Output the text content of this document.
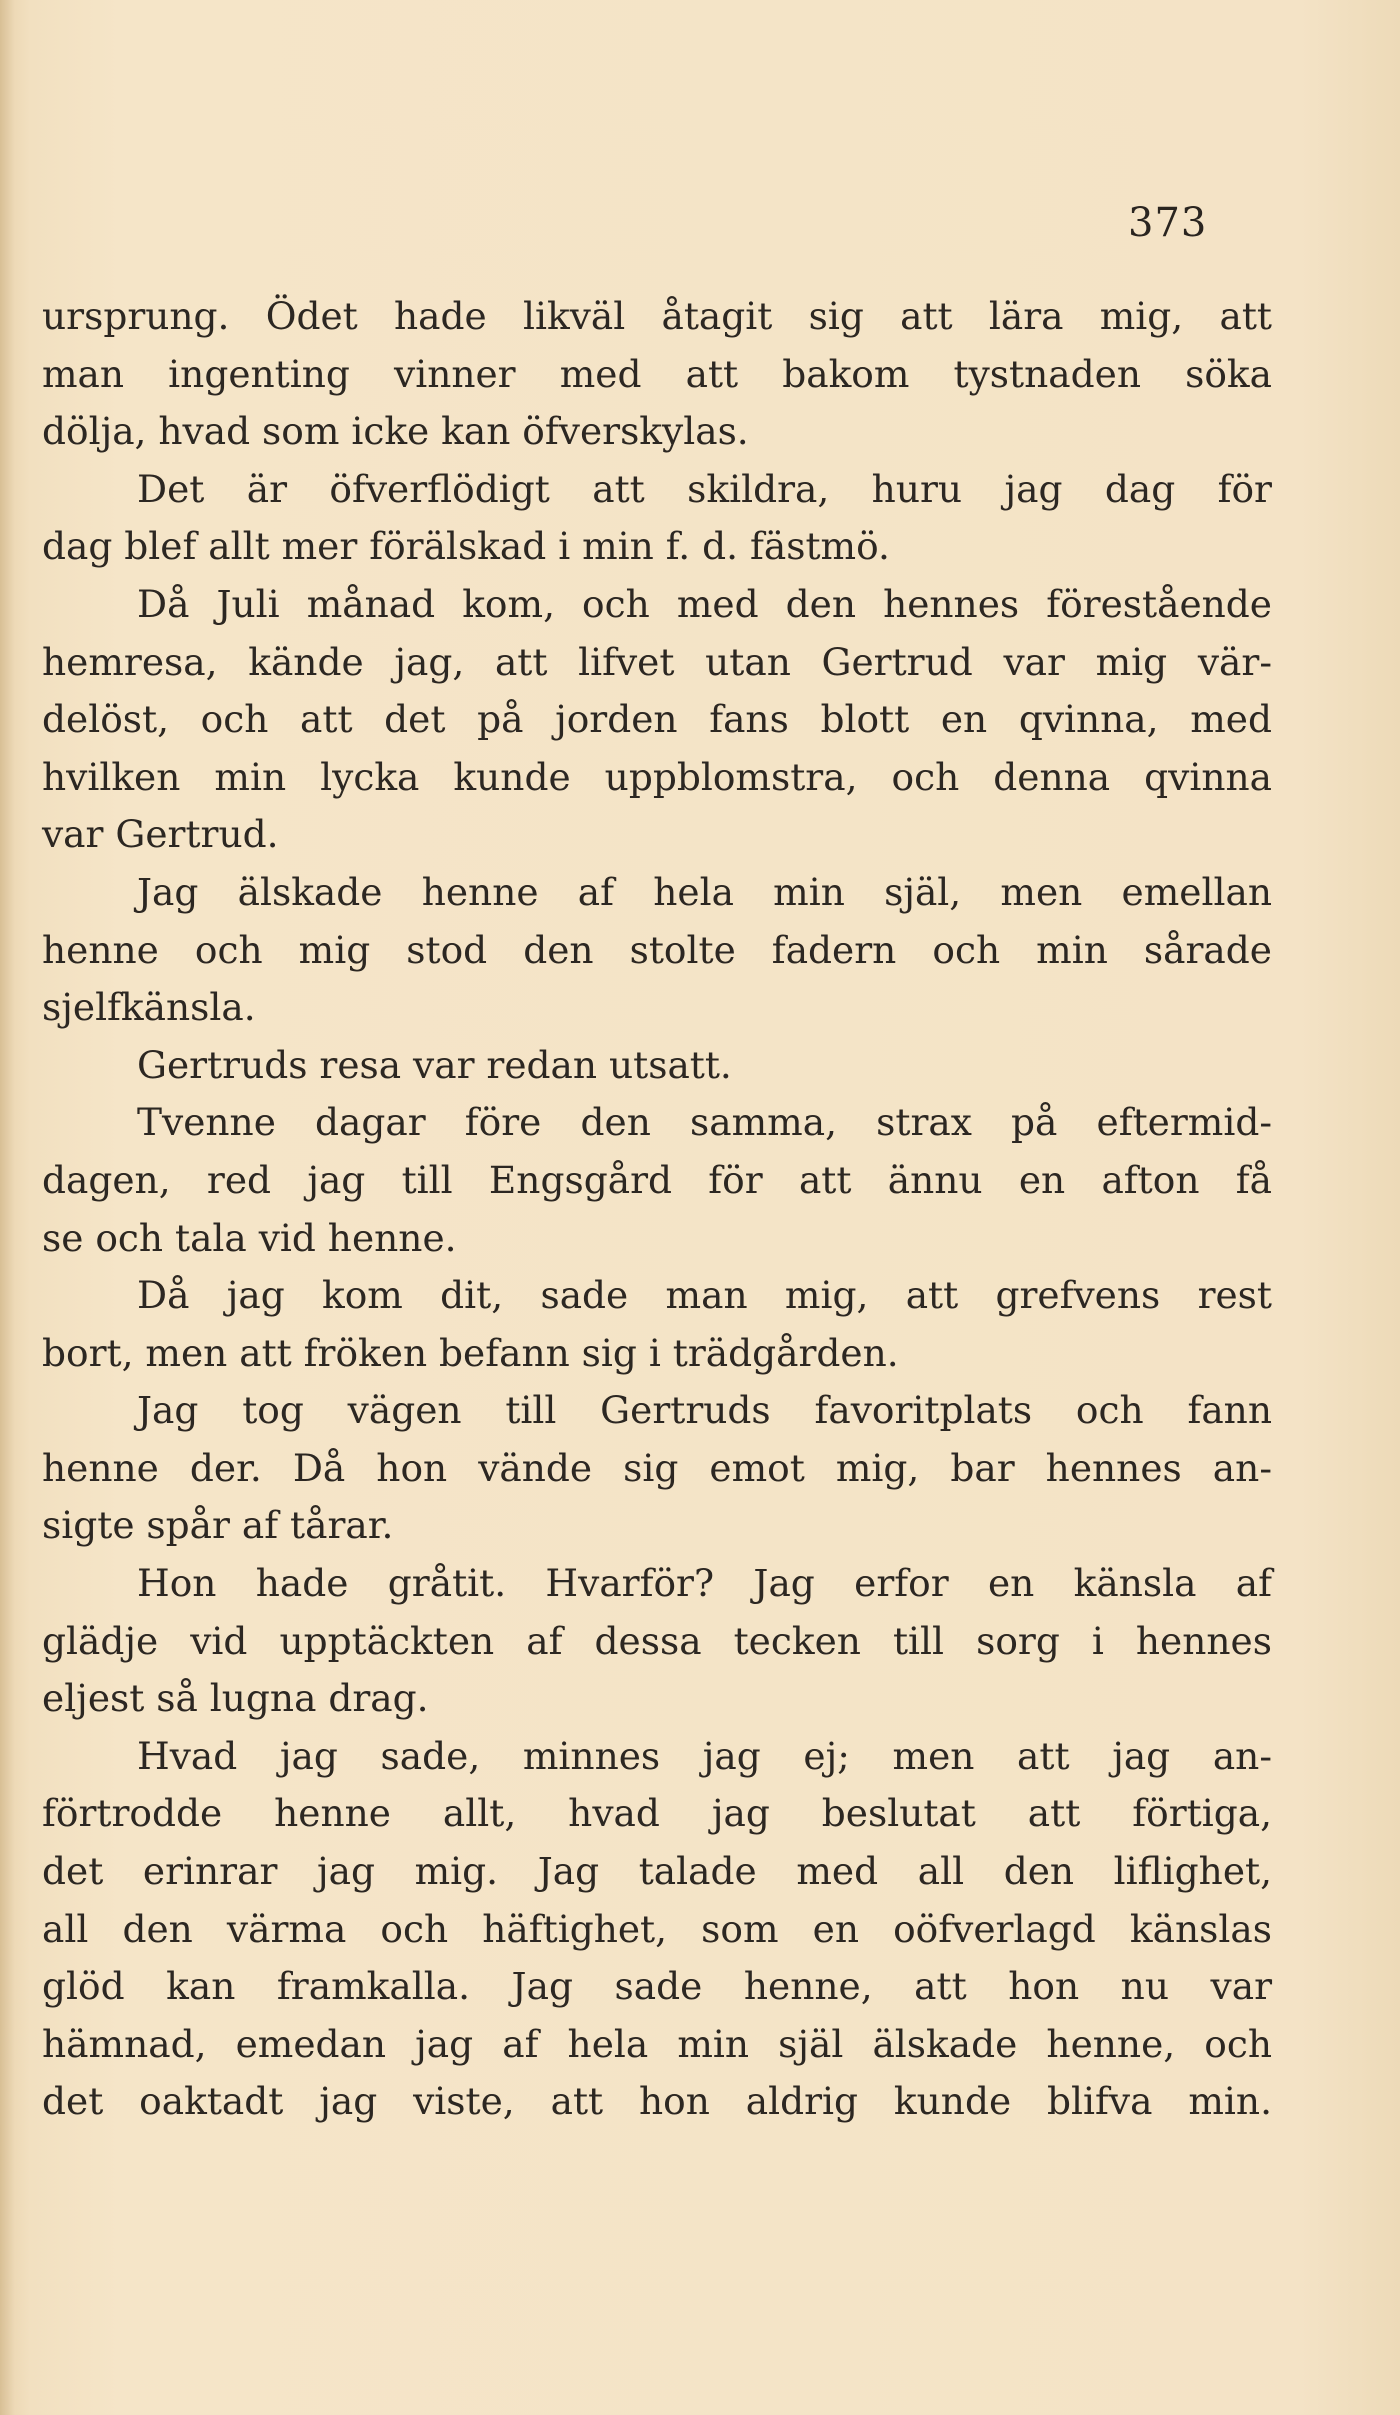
373
ursprung. Ödet hade likväl åtagit sig att lära mig, att
man ingenting vinner med att bakom tystnaden söka
dölja, hvad som icke kan öfverskylas.
Det är öfverflödigt att skildra, huru jag dag för
dag blef allt mer förälskad i min f. d. fästmö.
Då Juli månad kom, och med den hennes förestående
hemresa, kände jag, att lifvet utan Gertrud var mig vär-
delöst, och att det på jorden fans blott en qvinna, med
hvilken min lycka kunde uppblomstra, och denna qvinna
var Gertrud.
Jag älskade henne af hela min själ, men emellan
henne och mig stod den stolte fadern och min sårade
sjelfkänsla.
Gertruds resa var redan utsatt.
Tvenne dagar före den samma, strax på eftermid-
dagen, red jag till Engsgård för att ännu en afton få
se och tala vid henne.
Då jag kom dit, sade man mig, att grefvens rest
bort, men att fröken befann sig i trädgården.
Jag tog vägen till Gertruds favoritplats och fann
henne der. Då hon vände sig emot mig, bar hennes an-
sigte spår af tårar.
Hon hade gråtit. Hvarför? Jag erfor en känsla af
glädje vid upptäckten af dessa tecken till sorg i hennes
eljest så lugna drag.
Hvad jag sade, minnes jag ej; men att jag an-
förtrodde henne allt, hvad jag beslutat att förtiga,
det erinrar jag mig. Jag talade med all den liflighet,
all den värma och häftighet, som en oöfverlagd känslas
glöd kan framkalla. Jag sade henne, att hon nu var
hämnad, emedan jag af hela min själ älskade henne, och
det oaktadt jag viste, att hon aldrig kunde blifva min.
